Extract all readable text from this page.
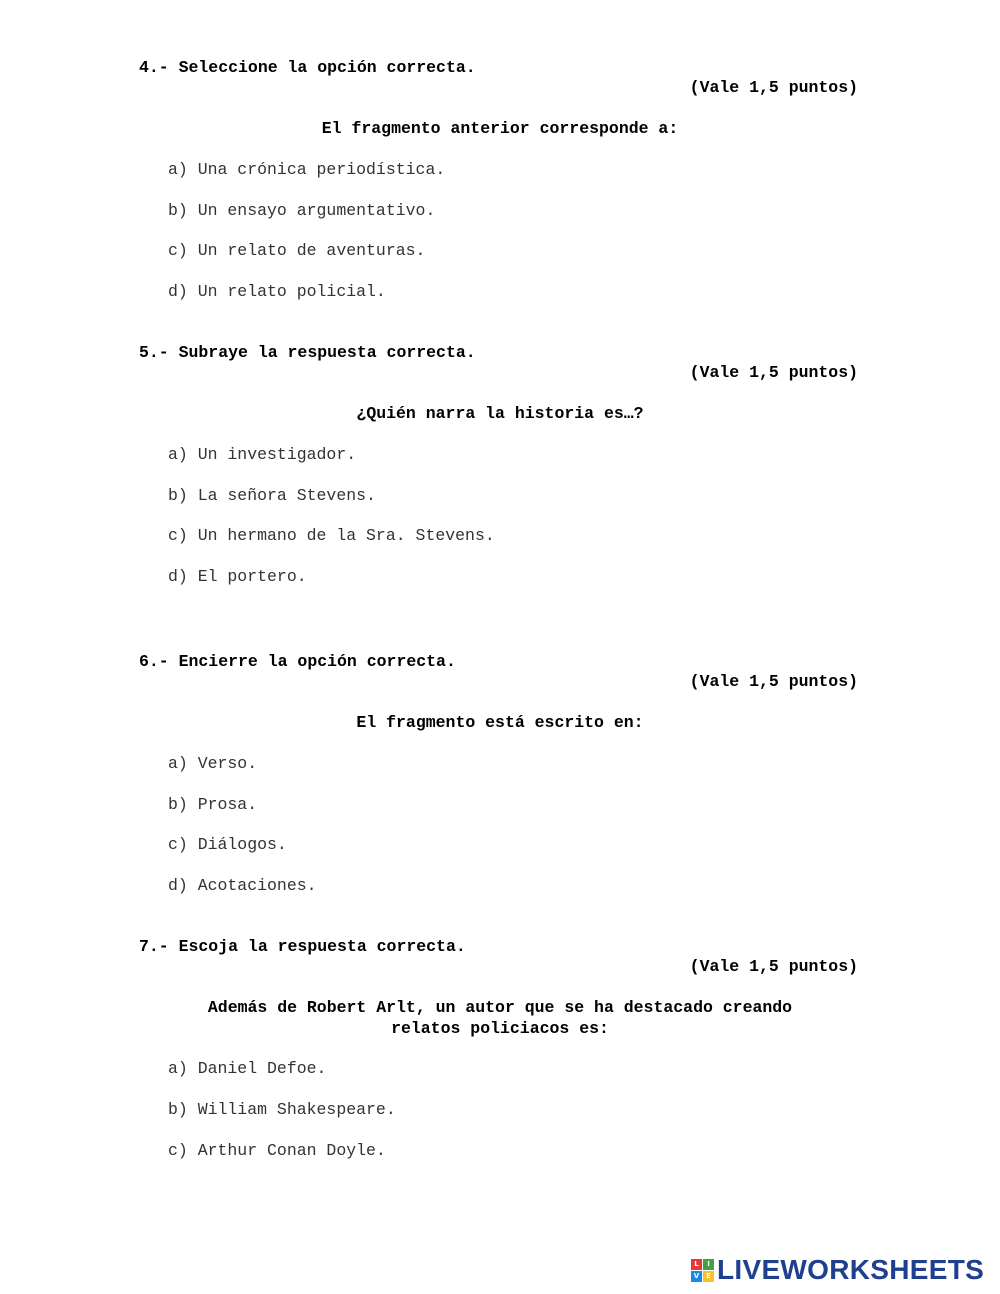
4.- Seleccione la opción correcta.
(Vale 1,5 puntos)
El fragmento anterior corresponde a:
a) Una crónica periodística.
b) Un ensayo argumentativo.
c) Un relato de aventuras.
d) Un relato policial.
5.- Subraye la respuesta correcta.
(Vale 1,5 puntos)
¿Quién narra la historia es…?
a) Un investigador.
b) La señora Stevens.
c) Un hermano de la Sra. Stevens.
d) El portero.
6.- Encierre la opción correcta.
(Vale 1,5 puntos)
El fragmento está escrito en:
a) Verso.
b) Prosa.
c) Diálogos.
d) Acotaciones.
7.- Escoja la respuesta correcta.
(Vale 1,5 puntos)
Además de Robert Arlt, un autor que se ha destacado creando relatos policiacos es:
a) Daniel Defoe.
b) William Shakespeare.
c) Arthur Conan Doyle.
L	I
V E LIVEWORKSHEETS
